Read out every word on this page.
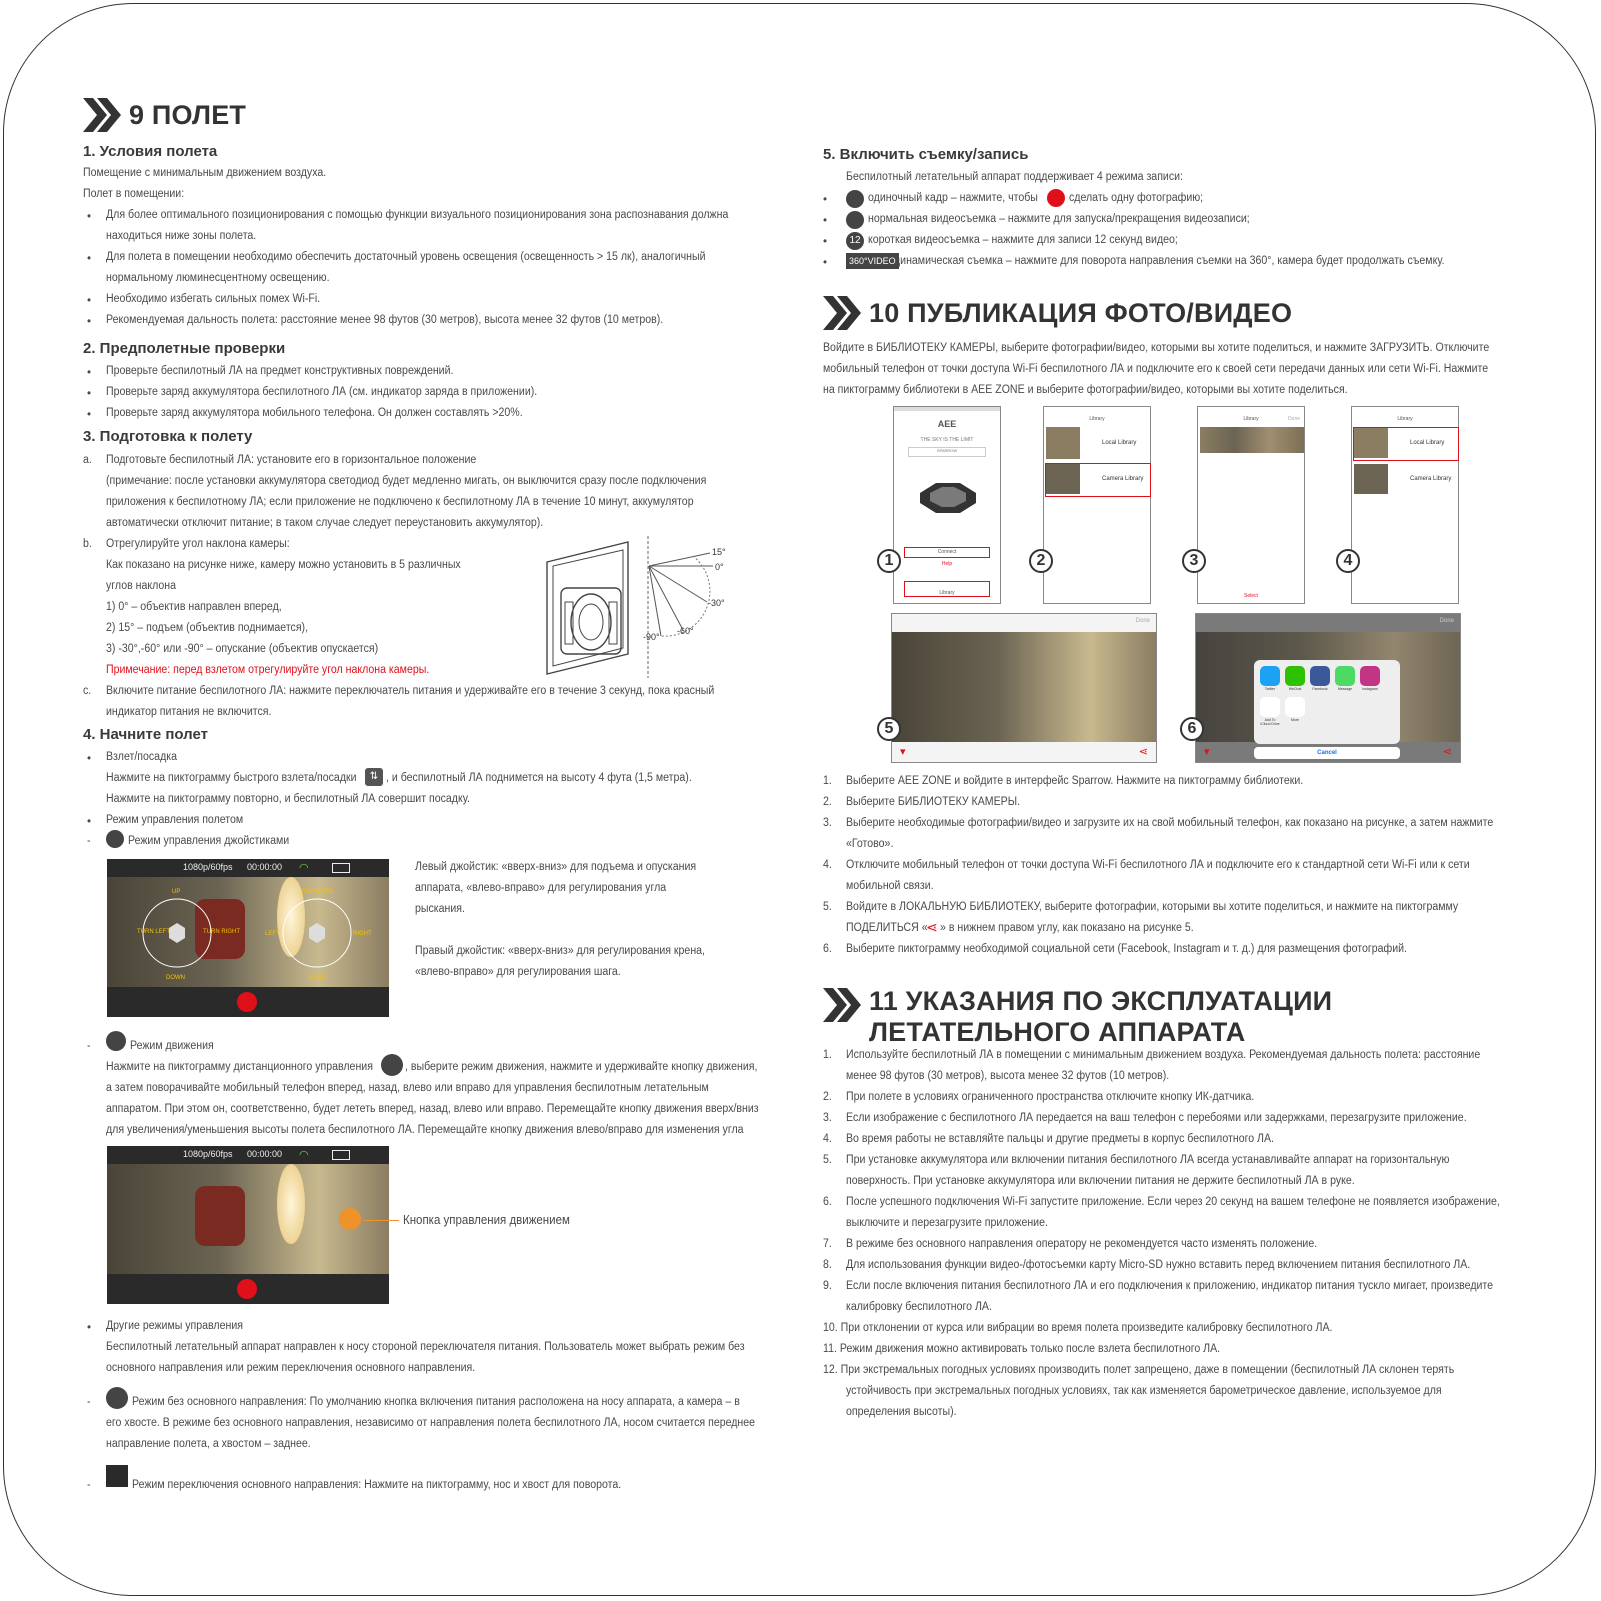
9 ПОЛЕТ
1. Условия полета
Помещение с минимальным движением воздуха.
Полет в помещении:
• Для более оптимального позиционирования с помощью функции визуального позиционирования зона распознавания должна
находиться ниже зоны полета.
• Для полета в помещении необходимо обеспечить достаточный уровень освещения (освещенность > 15 лк), аналогичный
нормальному люминесцентному освещению.
• Необходимо избегать сильных помех Wi-Fi.
• Рекомендуемая дальность полета: расстояние менее 98 футов (30 метров), высота менее 32 футов (10 метров).
2. Предполетные проверки
• Проверьте беспилотный ЛА на предмет конструктивных повреждений.
• Проверьте заряд аккумулятора беспилотного ЛА (см. индикатор заряда в приложении).
• Проверьте заряд аккумулятора мобильного телефона. Он должен составлять >20%.
3. Подготовка к полету
a. Подготовьте беспилотный ЛА: установите его в горизонтальное положение
(примечание: после установки аккумулятора светодиод будет медленно мигать, он выключится сразу после подключения
приложения к беспилотному ЛА; если приложение не подключено к беспилотному ЛА в течение 10 минут, аккумулятор
автоматически отключит питание; в таком случае следует переустановить аккумулятор).
b. Отрегулируйте угол наклона камеры:
Как показано на рисунке ниже, камеру можно установить в 5 различных
углов наклона
1) 0° – объектив направлен вперед,
2) 15° – подъем (объектив поднимается),
3) -30°,-60° или -90° – опускание (объектив опускается)
Примечание: перед взлетом отрегулируйте угол наклона камеры.
15°
0°
-30°
-60°
-90°
c. Включите питание беспилотного ЛА: нажмите переключатель питания и удерживайте его в течение 3 секунд, пока красный
индикатор питания не включится.
4. Начните полет
• Взлет/посадка
Нажмите на пиктограмму быстрого взлета/посадки	⇅ , и беспилотный ЛА поднимется на высоту 4 фута (1,5 метра).
Нажмите на пиктограмму повторно, и беспилотный ЛА совершит посадку.
• Режим управления полетом
-	Режим управления джойстиками
1080p/60fps 00:00:00 ◠
UP
DOWN
TURN LEFT	TURN RIGHT
FORWARD
BACK
LEFT	RIGHT
Левый джойстик: «вверх-вниз» для подъема и опускания
аппарата, «влево-вправо» для регулирования угла
рыскания.
Правый джойстик: «вверх-вниз» для регулирования крена,
«влево-вправо» для регулирования шага.
-	Режим движения
Нажмите на пиктограмму дистанционного управления	, выберите режим движения, нажмите и удерживайте кнопку движения,
а затем поворачивайте мобильный телефон вперед, назад, влево или вправо для управления беспилотным летательным
аппаратом. При этом он, соответственно, будет лететь вперед, назад, влево или вправо. Перемещайте кнопку движения вверх/вниз
для увеличения/уменьшения высоты полета беспилотного ЛА. Перемещайте кнопку движения влево/вправо для изменения угла
1080p/60fps 00:00:00 ◠
Кнопка управления движением
• Другие режимы управления
Беспилотный летательный аппарат направлен к носу стороной переключателя питания. Пользователь может выбрать режим без
основного направления или режим переключения основного направления.
-	Режим без основного направления: По умолчанию кнопка включения питания расположена на носу аппарата, а камера – в
его хвосте. В режиме без основного направления, независимо от направления полета беспилотного ЛА, носом считается переднее
направление полета, а хвостом – заднее.
-	Режим переключения основного направления: Нажмите на пиктограмму, нос и хвост для поворота.
5. Включить съемку/запись
Беспилотный летательный аппарат поддерживает 4 режима записи:
•	одиночный кадр – нажмите, чтобы	сделать одну фотографию;
•	нормальная видеосъемка – нажмите для запуска/прекращения видеозаписи;
•	12 короткая видеосъемка – нажмите для записи 12 секунд видео;
•	360°VIDEO
динамическая съемка – нажмите для поворота направления съемки на 360°, камера будет продолжать съемку.
10 ПУБЛИКАЦИЯ ФОТО/ВИДЕО
Войдите в БИБЛИОТЕКУ КАМЕРЫ, выберите фотографии/видео, которыми вы хотите поделиться, и нажмите ЗАГРУЗИТЬ. Отключите
мобильный телефон от точки доступа Wi-Fi беспилотного ЛА и подключите его к своей сети передачи данных или сети Wi-Fi. Нажмите
на пиктограмму библиотеки в AEE ZONE и выберите фотографии/видео, которыми вы хотите поделиться.
AEE
THE SKY IS THE LIMIT
SPARROW
Connect
Help
Library
Library
Local Library
Camera Library
Library	Done
Select
Library
Local Library
Camera Library
1	2	3	4
Done
▾	⋖
Done
Twitter	WeChat	Facebook	Message	Instagram
Add To iCloud Drive
More
Cancel
▾	⋖
5	6
1. Выберите AEE ZONE и войдите в интерфейс Sparrow. Нажмите на пиктограмму библиотеки.
2. Выберите БИБЛИОТЕКУ КАМЕРЫ.
3. Выберите необходимые фотографии/видео и загрузите их на свой мобильный телефон, как показано на рисунке, а затем нажмите
«Готово».
4. Отключите мобильный телефон от точки доступа Wi-Fi беспилотного ЛА и подключите его к стандартной сети Wi-Fi или к сети
мобильной связи.
5. Войдите в ЛОКАЛЬНУЮ БИБЛИОТЕКУ, выберите фотографии, которыми вы хотите поделиться, и нажмите на пиктограмму
ПОДЕЛИТЬСЯ «
⋖ » в нижнем правом углу, как показано на рисунке 5.
6. Выберите пиктограмму необходимой социальной сети (Facebook, Instagram и т. д.) для размещения фотографий.
11 УКАЗАНИЯ ПО ЭКСПЛУАТАЦИИ
ЛЕТАТЕЛЬНОГО АППАРАТА
1. Используйте беспилотный ЛА в помещении с минимальным движением воздуха. Рекомендуемая дальность полета: расстояние
менее 98 футов (30 метров), высота менее 32 футов (10 метров).
2. При полете в условиях ограниченного пространства отключите кнопку ИК-датчика.
3. Если изображение с беспилотного ЛА передается на ваш телефон с перебоями или задержками, перезагрузите приложение.
4. Во время работы не вставляйте пальцы и другие предметы в корпус беспилотного ЛА.
5. При установке аккумулятора или включении питания беспилотного ЛА всегда устанавливайте аппарат на горизонтальную
поверхность. При установке аккумулятора или включении питания не держите беспилотный ЛА в руке.
6. После успешного подключения Wi-Fi запустите приложение. Если через 20 секунд на вашем телефоне не появляется изображение,
выключите и перезагрузите приложение.
7. В режиме без основного направления оператору не рекомендуется часто изменять положение.
8. Для использования функции видео-/фотосъемки карту Micro-SD нужно вставить перед включением питания беспилотного ЛА.
9. Если после включения питания беспилотного ЛА и его подключения к приложению, индикатор питания тускло мигает, произведите
калибровку беспилотного ЛА.
10. При отклонении от курса или вибрации во время полета произведите калибровку беспилотного ЛА.
11. Режим движения можно активировать только после взлета беспилотного ЛА.
12. При экстремальных погодных условиях производить полет запрещено, даже в помещении (беспилотный ЛА склонен терять
устойчивость при экстремальных погодных условиях, так как изменяется барометрическое давление, используемое для
определения высоты).
